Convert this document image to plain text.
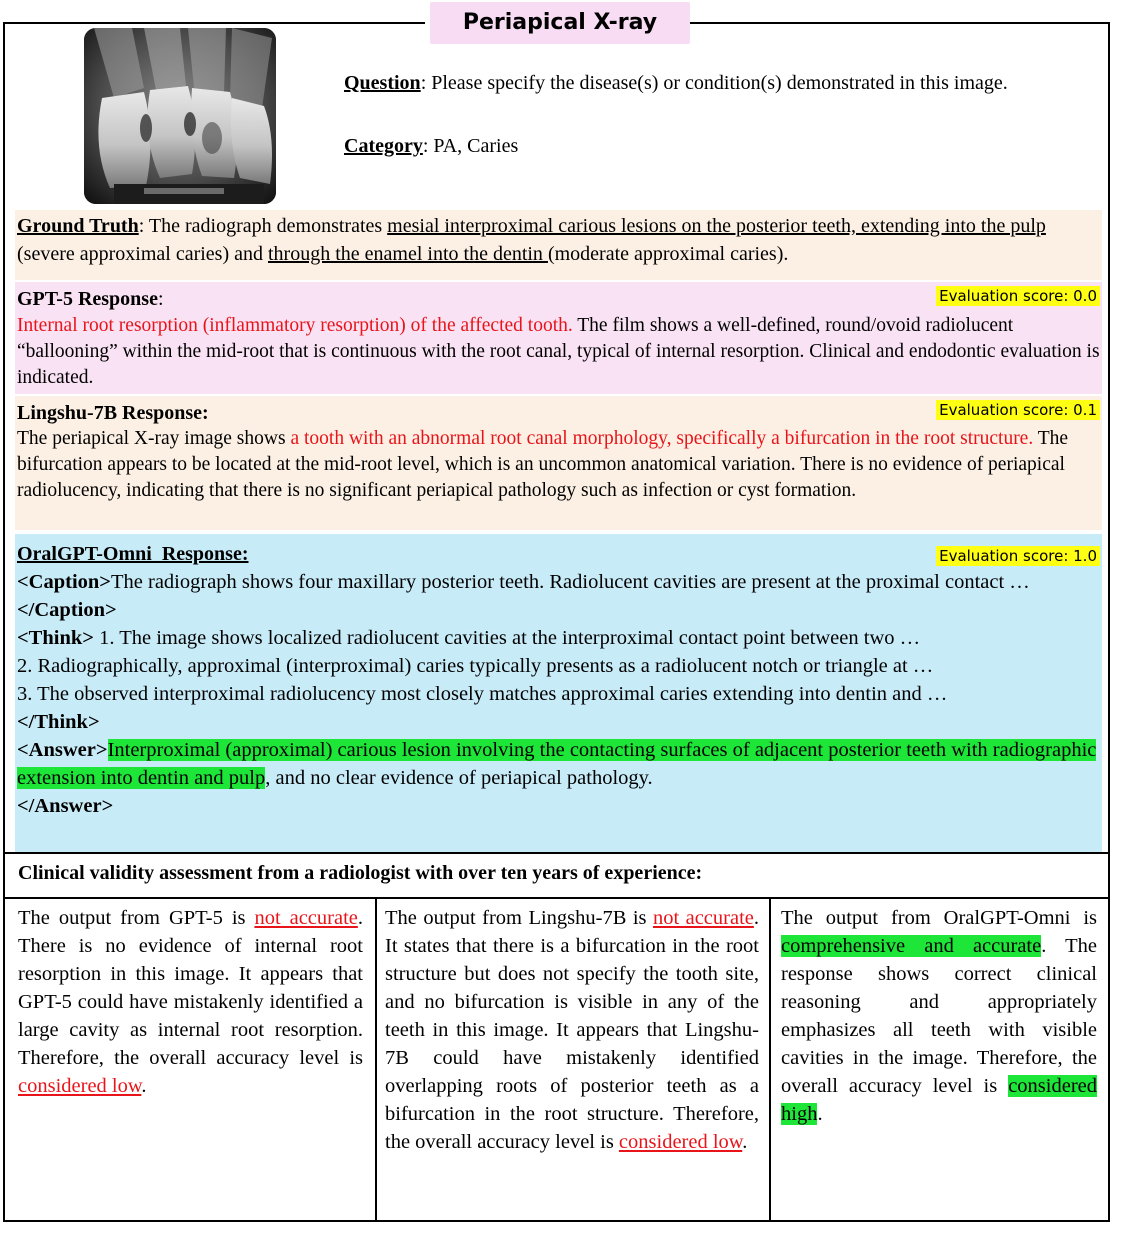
Periapical X-ray
Question: Please specify the disease(s) or condition(s) demonstrated in this image.
Category: PA, Caries
Ground Truth: The radiograph demonstrates mesial interproximal carious lesions on the posterior teeth, extending into the pulp (severe approximal caries) and through the enamel into the dentin (moderate approximal caries).
GPT-5 Response:	Evaluation score: 0.0
Internal root resorption (inflammatory resorption) of the affected tooth. The film shows a well-defined, round/ovoid radiolucent “ballooning” within the mid-root that is continuous with the root canal, typical of internal resorption. Clinical and endodontic evaluation is indicated.
Lingshu-7B Response:	Evaluation score: 0.1
The periapical X-ray image shows a tooth with an abnormal root canal morphology, specifically a bifurcation in the root structure. The bifurcation appears to be located at the mid-root level, which is an uncommon anatomical variation. There is no evidence of periapical radiolucency, indicating that there is no significant periapical pathology such as infection or cyst formation.
OralGPT-Omni  Response:	Evaluation score: 1.0
<Caption>The radiograph shows four maxillary posterior teeth. Radiolucent cavities are present at the proximal contact …
</Caption>
<Think> 1. The image shows localized radiolucent cavities at the interproximal contact point between two …
2. Radiographically, approximal (interproximal) caries typically presents as a radiolucent notch or triangle at …
3. The observed interproximal radiolucency most closely matches approximal caries extending into dentin and …
</Think>
<Answer>Interproximal (approximal) carious lesion involving the contacting surfaces of adjacent posterior teeth with radiographic extension into dentin and pulp, and no clear evidence of periapical pathology.
</Answer>
Clinical validity assessment from a radiologist with over ten years of experience:
The output from GPT-5 is not accurate. There is no evidence of internal root resorption in this image. It appears that GPT-5 could have mistakenly identified a large cavity as internal root resorption. Therefore, the overall accuracy level is considered low.
The output from Lingshu-7B is not accurate. It states that there is a bifurcation in the root structure but does not specify the tooth site, and no bifurcation is visible in any of the teeth in this image. It appears that Lingshu-7B could have mistakenly identified overlapping roots of posterior teeth as a bifurcation in the root structure. Therefore, the overall accuracy level is considered low.
The output from OralGPT-Omni is comprehensive and accurate. The response shows correct clinical reasoning and appropriately emphasizes all teeth with visible cavities in the image. Therefore, the overall accuracy level is considered high.
